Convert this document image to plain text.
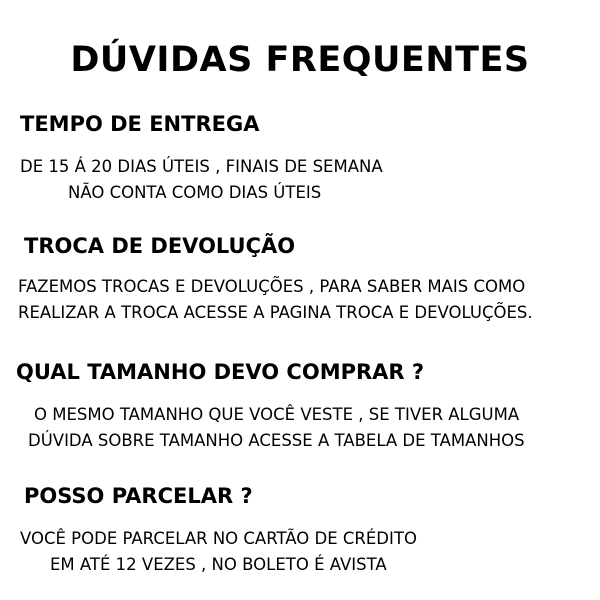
DÚVIDAS FREQUENTES
TEMPO DE ENTREGA

DE 15 Á 20 DIAS ÚTEIS , FINAIS DE SEMANA
NÃO CONTA COMO DIAS ÚTEIS

TROCA DE DEVOLUÇÃO

FAZEMOS TROCAS E DEVOLUÇÕES , PARA SABER MAIS COMO
REALIZAR A TROCA ACESSE A PAGINA TROCA E DEVOLUÇÕES.

QUAL TAMANHO DEVO COMPRAR ?

O MESMO TAMANHO QUE VOCÊ VESTE , SE TIVER ALGUMA
DÚVIDA SOBRE TAMANHO ACESSE A TABELA DE TAMANHOS

POSSO PARCELAR ?

VOCÊ PODE PARCELAR NO CARTÃO DE CRÉDITO
EM ATÉ 12 VEZES , NO BOLETO É AVISTA
